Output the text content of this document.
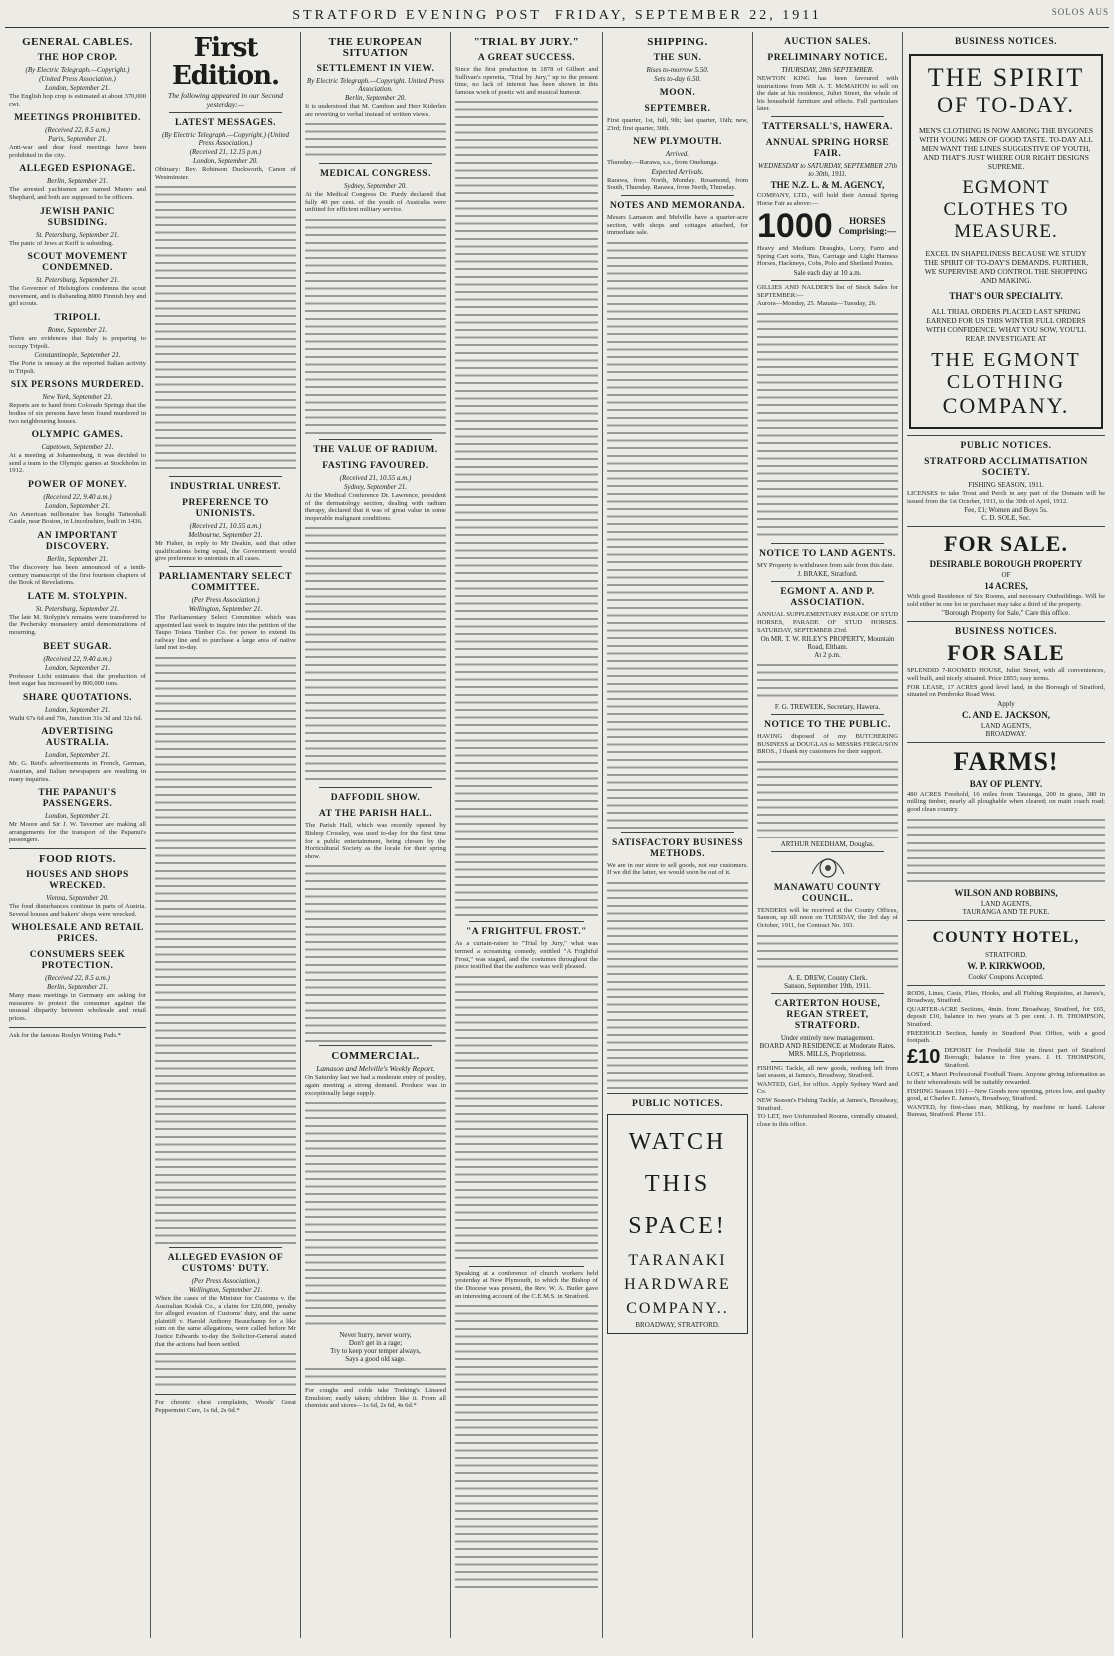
STRATFORD EVENING POST
FRIDAY, SEPTEMBER 22, 1911	SOLOS AUS
GENERAL CABLES.
THE HOP CROP.
(By Electric Telegraph.—Copyright.)
(United Press Association.)
London, September 21.
The English hop crop is estimated at about 370,000 cwt.
MEETINGS PROHIBITED.
(Received 22, 8.5 a.m.)
Paris, September 21.
Anti-war and dear food meetings have been prohibited in the city.
ALLEGED ESPIONAGE.
Berlin, September 21.
The arrested yachtsmen are named Munro and Shephard, and both are supposed to be officers.
JEWISH PANIC SUBSIDING.
St. Petersburg, September 21.
The panic of Jews at Keiff is subsiding.
SCOUT MOVEMENT CONDEMNED.
St. Petersburg, September 21.
The Governor of Helsingfors condemns the scout movement, and is disbanding 8000 Finnish boy and girl scouts.
TRIPOLI.
Rome, September 21.
There are evidences that Italy is preparing to occupy Tripoli.
Constantinople, September 21.
The Porte is uneasy at the reported Italian activity in Tripoli.
SIX PERSONS MURDERED.
New York, September 21.
Reports are to hand from Colorado Springs that the bodies of six persons have been found murdered in two neighbouring houses.
OLYMPIC GAMES.
Capetown, September 21.
At a meeting at Johannesburg, it was decided to send a team to the Olympic games at Stockholm in 1912.
POWER OF MONEY.
(Received 22, 9.40 a.m.)
London, September 21.
An American millionaire has bought Tattershall Castle, near Boston, in Lincolnshire, built in 1436.
AN IMPORTANT DISCOVERY.
Berlin, September 21.
The discovery has been announced of a tenth-century manuscript of the first fourteen chapters of the Book of Revelations.
LATE M. STOLYPIN.
St. Petersburg, September 21.
The late M. Stolypin's remains were transferred to the Pechersky monastery amid demonstrations of mourning.
BEET SUGAR.
(Received 22, 9.40 a.m.)
London, September 21.
Professor Licht estimates that the production of beet sugar has increased by 800,000 tons.
SHARE QUOTATIONS.
London, September 21.
Waihi 67s 6d and 70s, Junction 31s 3d and 32s 6d.
ADVERTISING AUSTRALIA.
London, September 21.
Mr. G. Reid's advertisements in French, German, Austrian, and Italian newspapers are resulting in many inquiries.
THE PAPANUI'S PASSENGERS.
London, September 21.
Mr Moore and Sir J. W. Taverner are making all arrangements for the transport of the Papanui's passengers.
FOOD RIOTS.
HOUSES AND SHOPS WRECKED.
Vienna, September 20.
The food disturbances continue in parts of Austria. Several houses and bakers' shops were wrecked.
WHOLESALE AND RETAIL PRICES.
CONSUMERS SEEK PROTECTION.
(Received 22, 8.5 a.m.)
Berlin, September 21.
Many mass meetings in Germany are asking for measures to protect the consumer against the unusual disparity between wholesale and retail prices.
Ask for the famous Roslyn Writing Pads.*
First Edition.
The following appeared in our Second yesterday:—
LATEST MESSAGES.
(By Electric Telegraph.—Copyright.) (United Press Association.)
(Received 21, 12.15 p.m.)
London, September 20.
Obituary: Rev. Robinson Duckworth, Canon of Westminster.
INDUSTRIAL UNREST.
PREFERENCE TO UNIONISTS.
(Received 21, 10.55 a.m.)
Melbourne, September 21.
Mr Fisher, in reply to Mr Deakin, said that other qualifications being equal, the Government would give preference to unionists in all cases.
PARLIAMENTARY SELECT COMMITTEE.
(Per Press Association.)
Wellington, September 21.
The Parliamentary Select Committee which was appointed last week to inquire into the petition of the Taupo Totara Timber Co. for power to extend its railway line and to purchase a large area of native land met to-day.
ALLEGED EVASION OF CUSTOMS' DUTY.
(Per Press Association.)
Wellington, September 21.
When the cases of the Minister for Customs v. the Australian Kodak Co., a claim for £20,000, penalty for alleged evasion of Customs' duty, and the same plaintiff v. Harold Anthony Beauchamp for a like sum on the same allegations, were called before Mr Justice Edwards to-day the Solicitor-General stated that the actions had been settled.
For chronic chest complaints, Woods' Great Peppermint Cure, 1s 6d, 2s 6d.*
THE EUROPEAN SITUATION
SETTLEMENT IN VIEW.
By Electric Telegraph.—Copyright. United Press Association.
Berlin, September 20.
It is understood that M. Cambon and Herr Kiderlen are reverting to verbal instead of written views.
MEDICAL CONGRESS.
Sydney, September 20.
At the Medical Congress Dr. Purdy declared that fully 40 per cent. of the youth of Australia were unfitted for efficient military service.
THE VALUE OF RADIUM.
FASTING FAVOURED.
(Received 21, 10.55 a.m.)
Sydney, September 21.
At the Medical Conference Dr. Lawrence, president of the dermatology section, dealing with radium therapy, declared that it was of great value in some inoperable malignant conditions.
DAFFODIL SHOW.
AT THE PARISH HALL.
The Parish Hall, which was recently opened by Bishop Crossley, was used to-day for the first time for a public entertainment, being chosen by the Horticultural Society as the locale for their spring show.
COMMERCIAL.
Lamason and Melville's Weekly Report.
On Saturday last we had a moderate entry of poultry, again meeting a strong demand. Produce was in exceptionally large supply.
Never hurry, never worry,
Don't get in a rage;
Try to keep your temper always,
Says a good old sage.
For coughs and colds take Tonking's Linseed Emulsion; easily taken; children like it. From all chemists and stores—1s 6d, 2s 6d, 4s 6d.*
"TRIAL BY JURY."
A GREAT SUCCESS.
Since the first production in 1878 of Gilbert and Sullivan's operetta, "Trial by Jury," up to the present time, no lack of interest has been shown in this famous work of poetic wit and musical humour.
"A FRIGHTFUL FROST."
As a curtain-raiser to "Trial by Jury," what was termed a screaming comedy, entitled "A Frightful Frost," was staged, and the costumes throughout the piece testified that the audience was well pleased.
Speaking at a conference of church workers held yesterday at New Plymouth, to which the Bishop of the Diocese was present, the Rev. W. A. Butler gave an interesting account of the C.E.M.S. in Stratford.
SHIPPING.
THE SUN.
Rises to-morrow 5.50.
Sets to-day 6.50.
MOON.
SEPTEMBER.
First quarter, 1st, full, 9th; last quarter, 16th; new, 23rd; first quarter, 30th.
NEW PLYMOUTH.
Arrived.
Thursday.—Rarawa, s.s., from Onehunga.
Expected Arrivals.
Rarawa, from North, Monday. Rosamond, from South, Thursday. Rarawa, from North, Thursday.
NOTES AND MEMORANDA.
Messrs Lamason and Melville have a quarter-acre section, with shops and cottages attached, for immediate sale.
SATISFACTORY BUSINESS METHODS.
We are in our store to sell goods, not our customers. If we did the latter, we would soon be out of it.
PUBLIC NOTICES.
WATCH
THIS
SPACE!
TARANAKI
HARDWARE
COMPANY..
BROADWAY, STRATFORD.
AUCTION SALES.
PRELIMINARY NOTICE.
THURSDAY, 28th SEPTEMBER.
NEWTON KING has been favoured with instructions from MR A. T. McMAHON to sell on the date at his residence, Juliet Street, the whole of his household furniture and effects. Full particulars later.
TATTERSALL'S, HAWERA.
ANNUAL SPRING HORSE FAIR.
WEDNESDAY to SATURDAY, SEPTEMBER 27th to 30th, 1911.
THE N.Z. L. & M. AGENCY,
COMPANY, LTD., will hold their Annual Spring Horse Fair as above:—
1000	HORSES Comprising:—
Heavy and Medium Draughts, Lorry, Farm and Spring Cart sorts, 'Bus, Carriage and Light Harness Horses, Hackneys, Cobs, Polo and Shetland Ponies.
Sale each day at 10 a.m.
GILLIES AND NALDER'S list of Stock Sales for SEPTEMBER:—
Aurora—Monday, 25. Manaia—Tuesday, 26.
NOTICE TO LAND AGENTS.
MY Property is withdrawn from sale from this date.
J. BRAKE, Stratford.
EGMONT A. AND P. ASSOCIATION.
ANNUAL SUPPLEMENTARY PARADE OF STUD HORSES, PARADE OF STUD HORSES. SATURDAY, SEPTEMBER 23rd.
On MR. T. W. RILEY'S PROPERTY, Mountain Road, Eltham.
At 2 p.m.
F. G. TREWEEK, Secretary, Hawera.
NOTICE TO THE PUBLIC.
HAVING disposed of my BUTCHERING BUSINESS at DOUGLAS to MESSRS FERGUSON BROS., I thank my customers for their support.
ARTHUR NEEDHAM, Douglas.
MANAWATU COUNTY COUNCIL.
TENDERS will be received at the County Offices, Sanson, up till noon on TUESDAY, the 3rd day of October, 1911, for Contract No. 193.
A. E. DREW, County Clerk.
Sanson, September 19th, 1911.
CARTERTON HOUSE, REGAN STREET, STRATFORD.
Under entirely new management.
BOARD AND RESIDENCE at Moderate Rates.
MRS. MILLS, Proprietress.
FISHING Tackle, all new goods, nothing left from last season, at James's, Broadway, Stratford.
WANTED, Girl, for office. Apply Sydney Ward and Co.
NEW Season's Fishing Tackle, at James's, Broadway, Stratford.
TO LET, two Unfurnished Rooms, centrally situated, close to this office.
BUSINESS NOTICES.
THE SPIRIT
OF TO-DAY.
MEN'S CLOTHING IS NOW AMONG THE BYGONES WITH YOUNG MEN OF GOOD TASTE. TO-DAY ALL MEN WANT THE LINES SUGGESTIVE OF YOUTH, AND THAT'S JUST WHERE OUR RIGHT DESIGNS SUPREME.
EGMONT CLOTHES TO
MEASURE.
EXCEL IN SHAPELINESS BECAUSE WE STUDY THE SPIRIT OF TO-DAY'S DEMANDS. FURTHER, WE SUPERVISE AND CONTROL THE SHOPPING AND MAKING.
THAT'S OUR SPECIALITY.
ALL TRIAL ORDERS PLACED LAST SPRING EARNED FOR US THIS WINTER FULL ORDERS WITH CONFIDENCE. WHAT YOU SOW, YOU'LL REAP. INVESTIGATE AT
THE EGMONT CLOTHING
COMPANY.
PUBLIC NOTICES.
STRATFORD ACCLIMATISATION SOCIETY.
FISHING SEASON, 1911.
LICENSES to take Trout and Perch in any part of the Domain will be issued from the 1st October, 1911, to the 30th of April, 1912.
Fee, £1; Women and Boys 5s.
C. D. SOLE, Sec.
FOR SALE.
DESIRABLE BOROUGH PROPERTY
OF
14 ACRES,
With good Residence of Six Rooms, and necessary Outbuildings. Will be sold either in one lot or purchaser may take a third of the property.
"Borough Property for Sale," Care this office.
BUSINESS NOTICES.
FOR SALE
SPLENDID 7-ROOMED HOUSE, Juliet Street, with all conveniences, well built, and nicely situated. Price £855; easy terms.
FOR LEASE, 17 ACRES good level land, in the Borough of Stratford, situated on Pembroke Road West.
Apply
C. AND E. JACKSON,
LAND AGENTS,
BROADWAY.
FARMS!
BAY OF PLENTY.
480 ACRES Freehold, 16 miles from Tauranga, 200 in grass, 380 in milling timber, nearly all ploughable when cleared; on main coach road; good clean country.
WILSON AND ROBBINS,
LAND AGENTS,
TAURANGA AND TE PUKE.
COUNTY HOTEL,
STRATFORD.
W. P. KIRKWOOD,
Cooks' Coupons Accepted.
RODS, Lines, Casts, Flies, Hooks, and all Fishing Requisites, at James's, Broadway, Stratford.
QUARTER-ACRE Sections, 4min. from Broadway, Stratford, for £65, deposit £10, balance in two years at 5 per cent. J. H. THOMPSON, Stratford.
FREEHOLD Section, handy to Stratford Post Office, with a good footpath.
£10 DEPOSIT for Freehold Site in finest part of Stratford Borough; balance in five years. J. H. THOMPSON, Stratford.
LOST, a Maori Professional Football Team. Anyone giving information as to their whereabouts will be suitably rewarded.
FISHING Season 1911—New Goods now opening, prices low, and quality good, at Charles E. James's, Broadway, Stratford.
WANTED, by first-class man, Milking, by machine or hand. Labour Bureau, Stratford. Phone 151.
